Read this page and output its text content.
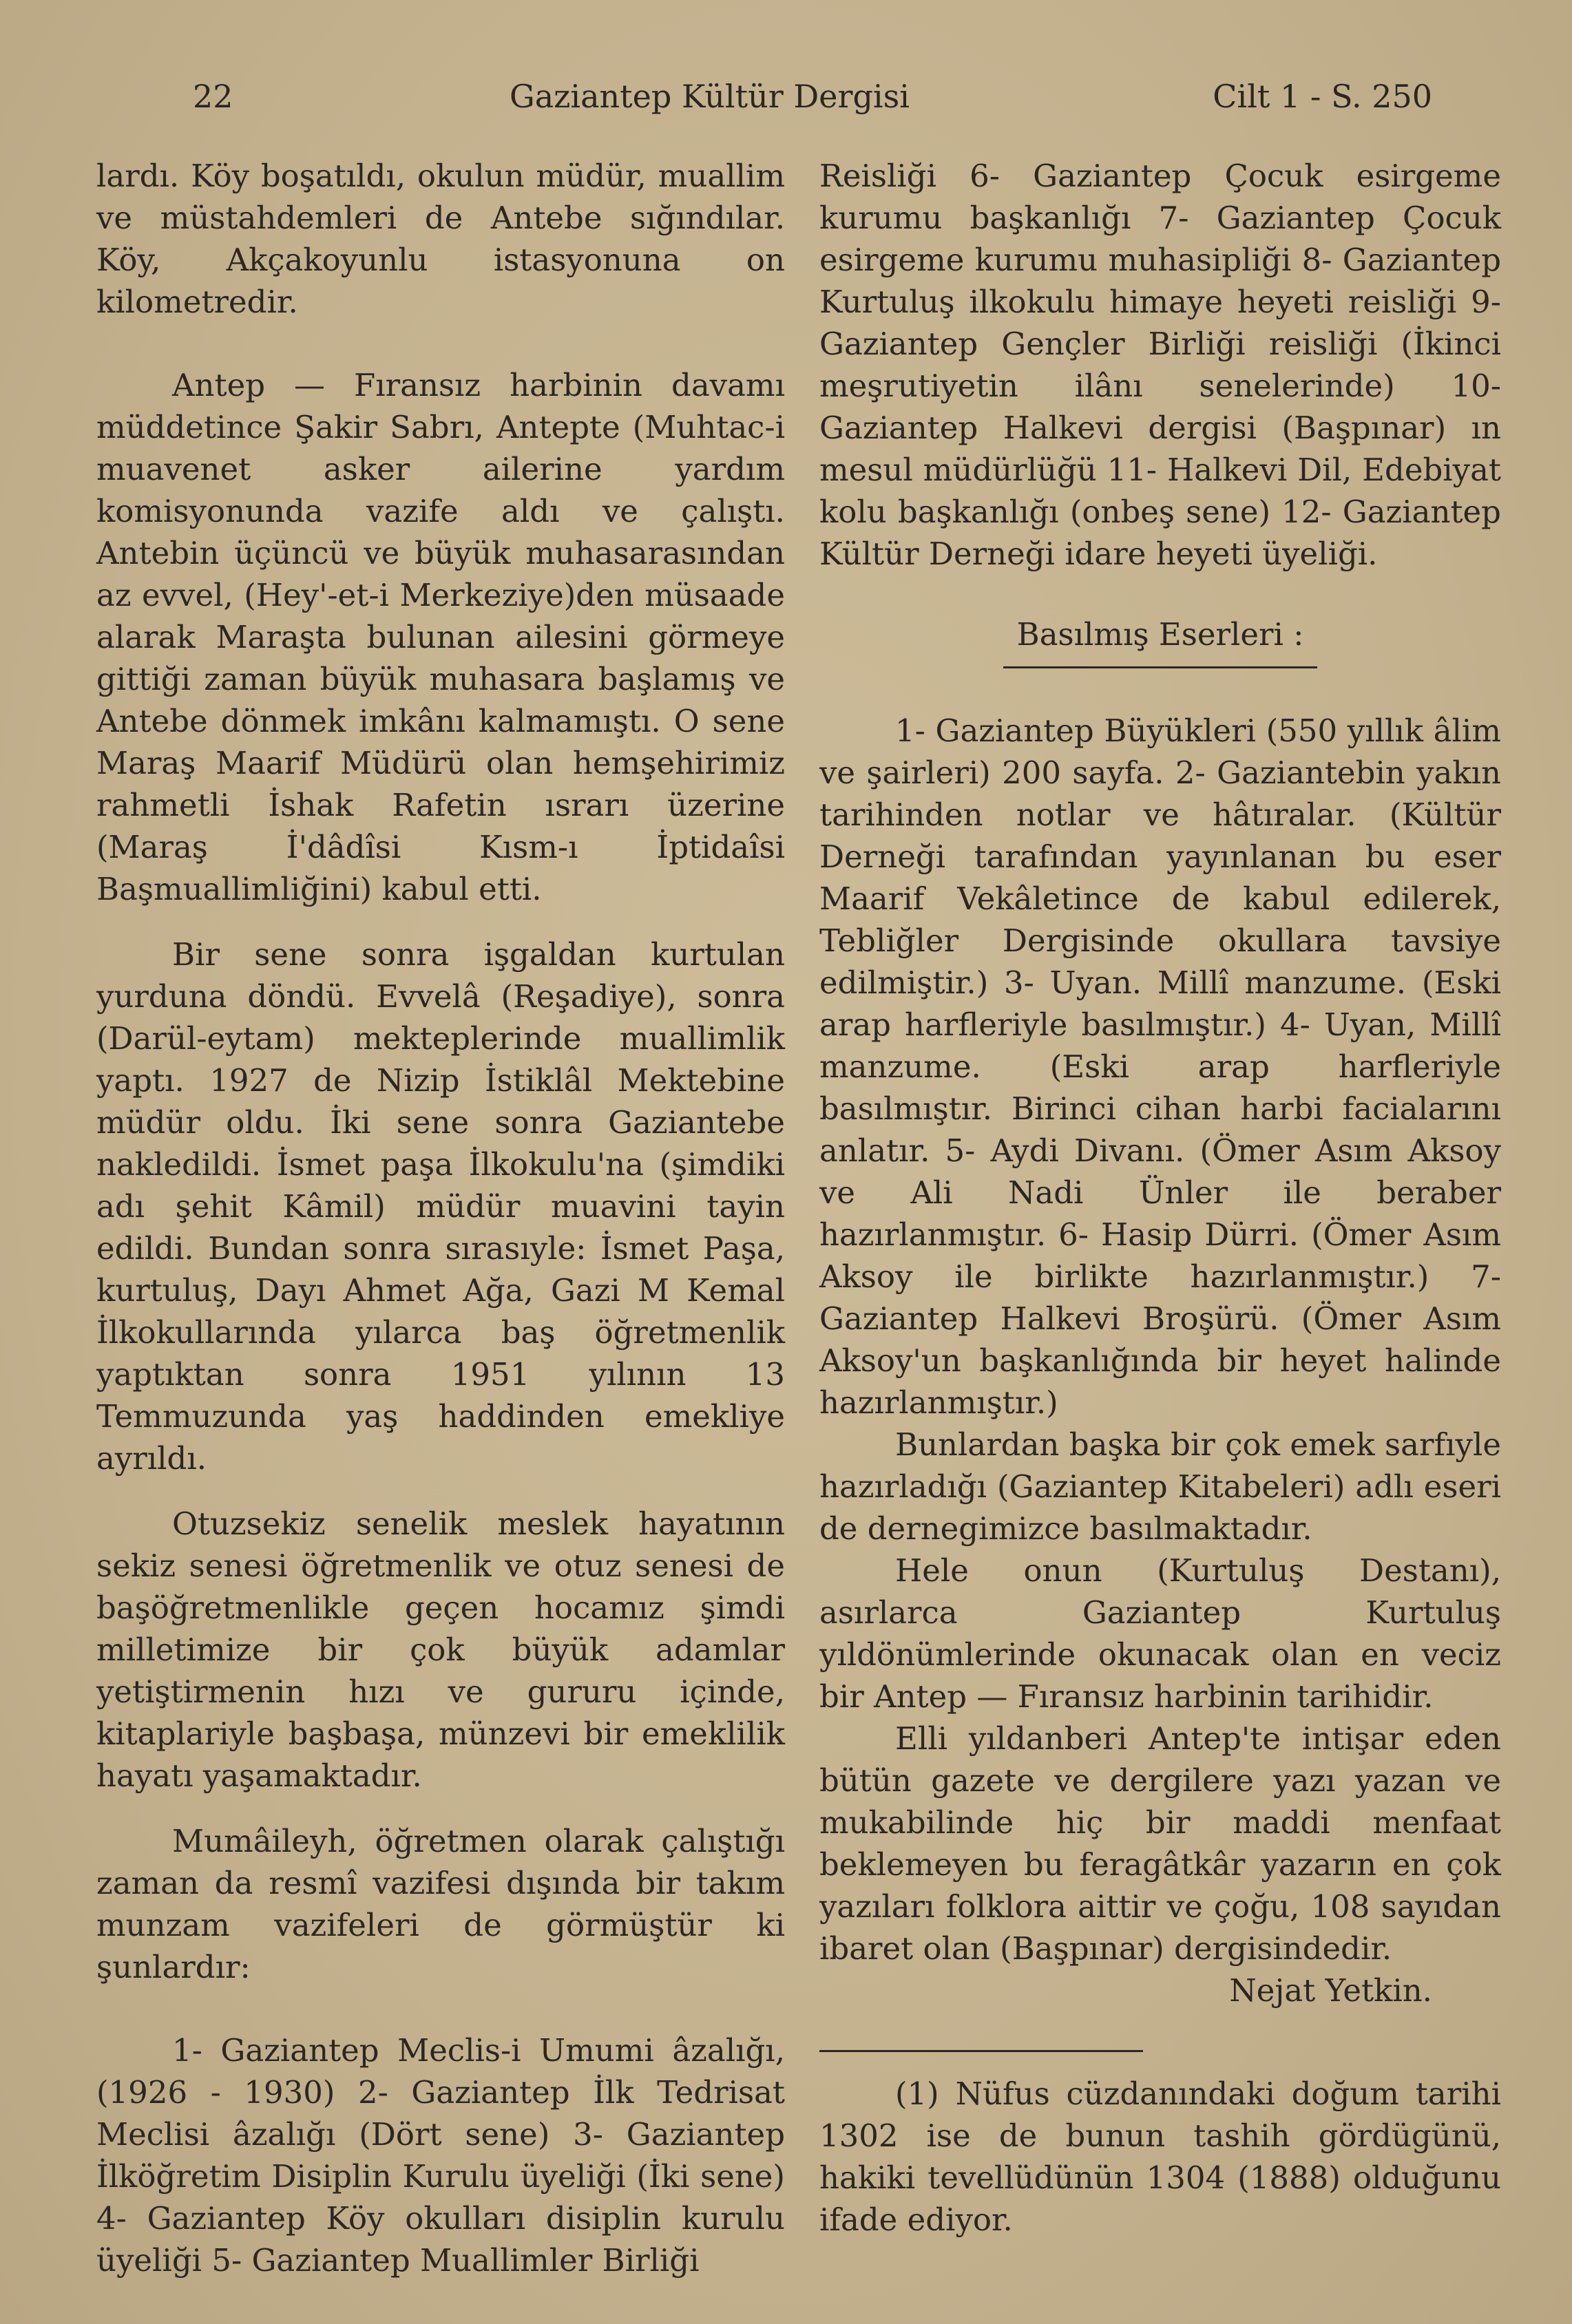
22	Gaziantep Kültür Dergisi	Cilt 1 - S. 250

lardı. Köy boşatıldı, okulun müdür, muallim ve müstahdemleri de Antebe sığındılar. Köy, Akçakoyunlu istasyonuna on kilometredir.

Antep — Fıransız harbinin davamı müddetince Şakir Sabrı, Antepte (Muhtac-i muavenet asker ailerine yardım komisyonunda vazife aldı ve çalıştı. Antebin üçüncü ve büyük muhasarasından az evvel, (Hey'-et-i Merkeziye)den müsaade alarak Maraşta bulunan ailesini görmeye gittiği zaman büyük muhasara başlamış ve Antebe dönmek imkânı kalmamıştı. O sene Maraş Maarif Müdürü olan hemşehirimiz rahmetli İshak Rafetin ısrarı üzerine (Maraş İ'dâdîsi Kısm-ı İptidaîsi Başmuallimliğini) kabul etti.

Bir sene sonra işgaldan kurtulan yurduna döndü. Evvelâ (Reşadiye), sonra (Darül-eytam) mekteplerinde muallimlik yaptı. 1927 de Nizip İstiklâl Mektebine müdür oldu. İki sene sonra Gaziantebe nakledildi. İsmet paşa İlkokulu'na (şimdiki adı şehit Kâmil) müdür muavini tayin edildi. Bundan sonra sırasıyle: İsmet Paşa, kurtuluş, Dayı Ahmet Ağa, Gazi M Kemal İlkokullarında yılarca baş öğretmenlik yaptıktan sonra 1951 yılının 13 Temmuzunda yaş haddinden emekliye ayrıldı.

Otuzsekiz senelik meslek hayatının sekiz senesi öğretmenlik ve otuz senesi de başöğretmenlikle geçen hocamız şimdi milletimize bir çok büyük adamlar yetiştirmenin hızı ve gururu içinde, kitaplariyle başbaşa, münzevi bir emeklilik hayatı yaşamaktadır.

Mumâileyh, öğretmen olarak çalıştığı zaman da resmî vazifesi dışında bir takım munzam vazifeleri de görmüştür ki şunlardır:

1- Gaziantep Meclis-i Umumi âzalığı, (1926 - 1930) 2- Gaziantep İlk Tedrisat Meclisi âzalığı (Dört sene) 3- Gaziantep İlköğretim Disiplin Kurulu üyeliği (İki sene) 4- Gaziantep Köy okulları disiplin kurulu üyeliği 5- Gaziantep Muallimler Birliği

Reisliği 6- Gaziantep Çocuk esirgeme kurumu başkanlığı 7- Gaziantep Çocuk esirgeme kurumu muhasipliği 8- Gaziantep Kurtuluş ilkokulu himaye heyeti reisliği 9-Gaziantep Gençler Birliği reisliği (İkinci meşrutiyetin ilânı senelerinde) 10- Gaziantep Halkevi dergisi (Başpınar) ın mesul müdürlüğü 11- Halkevi Dil, Edebiyat kolu başkanlığı (onbeş sene) 12- Gaziantep Kültür Derneği idare heyeti üyeliği.

Basılmış Eserleri :

1- Gaziantep Büyükleri (550 yıllık âlim ve şairleri) 200 sayfa. 2- Gaziantebin yakın tarihinden notlar ve hâtıralar. (Kültür Derneği tarafından yayınlanan bu eser Maarif Vekâletince de kabul edilerek, Tebliğler Dergisinde okullara tavsiye edilmiştir.) 3- Uyan. Millî manzume. (Eski arap harfleriyle basılmıştır.) 4- Uyan, Millî manzume. (Eski arap harfleriyle basılmıştır. Birinci cihan harbi facialarını anlatır. 5- Aydi Divanı. (Ömer Asım Aksoy ve Ali Nadi Ünler ile beraber hazırlanmıştır. 6- Hasip Dürri. (Ömer Asım Aksoy ile birlikte hazırlanmıştır.) 7- Gaziantep Halkevi Broşürü. (Ömer Asım Aksoy'un başkanlığında bir heyet halinde hazırlanmıştır.)

Bunlardan başka bir çok emek sarfıyle hazırladığı (Gaziantep Kitabeleri) adlı eseri de dernegimizce basılmaktadır.

Hele onun (Kurtuluş Destanı), asırlarca Gaziantep Kurtuluş yıldönümlerinde okunacak olan en veciz bir Antep — Fıransız harbinin tarihidir.

Elli yıldanberi Antep'te intişar eden bütün gazete ve dergilere yazı yazan ve mukabilinde hiç bir maddi menfaat beklemeyen bu feragâtkâr yazarın en çok yazıları folklora aittir ve çoğu, 108 sayıdan ibaret olan (Başpınar) dergisindedir.

Nejat Yetkin.

(1) Nüfus cüzdanındaki doğum tarihi 1302 ise de bunun tashih gördügünü, hakiki tevellüdünün 1304 (1888) olduğunu ifade ediyor.
